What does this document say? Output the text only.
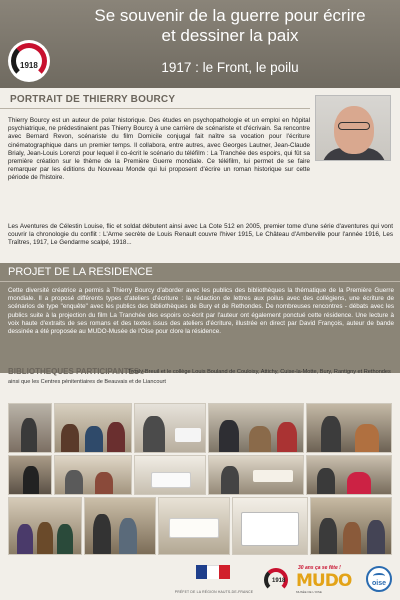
Se souvenir de la guerre pour écrire
et dessiner la paix
1917 : le Front, le poilu
1918
PORTRAIT DE THIERRY BOURCY

Thierry Bourcy est un auteur de polar historique. Des études en psychopathologie et un emploi en hôpital psychiatrique, ne prédestinaient pas Thierry Bourcy à une carrière de scénariste et d'écrivain. Sa rencontre avec Bernard Revon, scénariste du film Domicile conjugal fait naître sa vocation pour l'écriture cinématographique dans un premier temps. Il collabora, entre autres, avec Georges Lautner, Jean-Claude Brialy, Jean-Louis Lorenzi pour lequel il co-écrit le scénario du téléfilm : La Tranchée des espoirs, qui fût sa première création sur le thème de la Première Guerre mondiale. Ce téléfilm, lui permet de se faire remarquer par les éditions du Nouveau Monde qui lui proposent d'écrire un roman historique sur cette période de l'histoire.

Les Aventures de Célestin Louise, flic et soldat débutent ainsi avec La Cote 512 en 2005, premier tome d'une série d'aventures qui vont couvrir la chronologie du conflit : L'Arme secrète de Louis Renault couvre l'hiver 1915, Le Château d'Amberville pour l'année 1916, Les Traîtres, 1917, Le Gendarme scalpé, 1918...

PROJET DE LA RESIDENCE

Cette diversité créatrice a permis à Thierry Bourcy d'aborder avec les publics des bibliothèques la thématique de la Première Guerre mondiale. Il a proposé différents types d'ateliers d'écriture : la rédaction de lettres aux poilus avec des collégiens, une écriture de scénarios de type "enquête" avec les publics des bibliothèques de Bury et de Rethondes. De nombreuses rencontres - débats avec les publics suite à la projection du film La Tranchée des espoirs co-écrit par l'auteur ont également ponctué cette résidence. Une lecture à voix haute d'extraits de ses romans et des textes issus des ateliers d'écriture, illustrée en direct par David François, auteur de bande dessinée a été proposée au MUDO-Musée de l'Oise pour clore la résidence.

BIBLIOTHEQUES PARTICIPANTES :
Trosly-Breuil et le collège Louis Bouland de Couloisy, Attichy, Cuise-la-Motte, Bury, Rantigny et Rethondes
ainsi que les Centres pénitentiaires de Beauvais et de Liancourt
PRÉFET DE LA RÉGION HAUTS-DE-FRANCE
1918
30 ans ça se fête !
MUDO
MUSÉE DE L'OISE
oise
